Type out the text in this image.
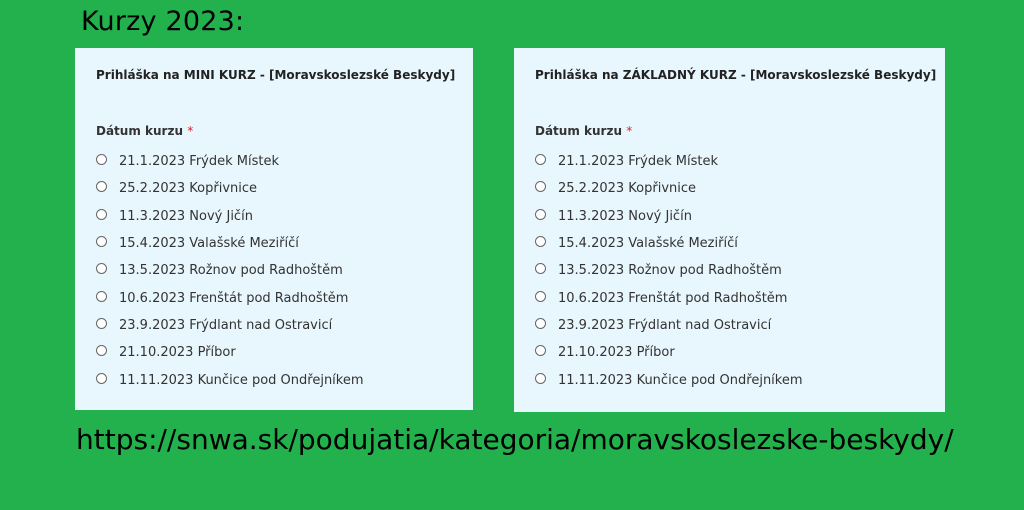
Kurzy 2023:
Prihláška na MINI KURZ - [Moravskoslezské Beskydy]
Dátum kurzu *
21.1.2023 Frýdek Místek
25.2.2023 Kopřivnice
11.3.2023 Nový Jičín
15.4.2023 Valašské Meziříčí
13.5.2023 Rožnov pod Radhoštěm
10.6.2023 Frenštát pod Radhoštěm
23.9.2023 Frýdlant nad Ostravicí
21.10.2023 Příbor
11.11.2023 Kunčice pod Ondřejníkem
Prihláška na ZÁKLADNÝ KURZ - [Moravskoslezské Beskydy]
Dátum kurzu *
21.1.2023 Frýdek Místek
25.2.2023 Kopřivnice
11.3.2023 Nový Jičín
15.4.2023 Valašské Meziříčí
13.5.2023 Rožnov pod Radhoštěm
10.6.2023 Frenštát pod Radhoštěm
23.9.2023 Frýdlant nad Ostravicí
21.10.2023 Příbor
11.11.2023 Kunčice pod Ondřejníkem
https://snwa.sk/podujatia/kategoria/moravskoslezske-beskydy/
